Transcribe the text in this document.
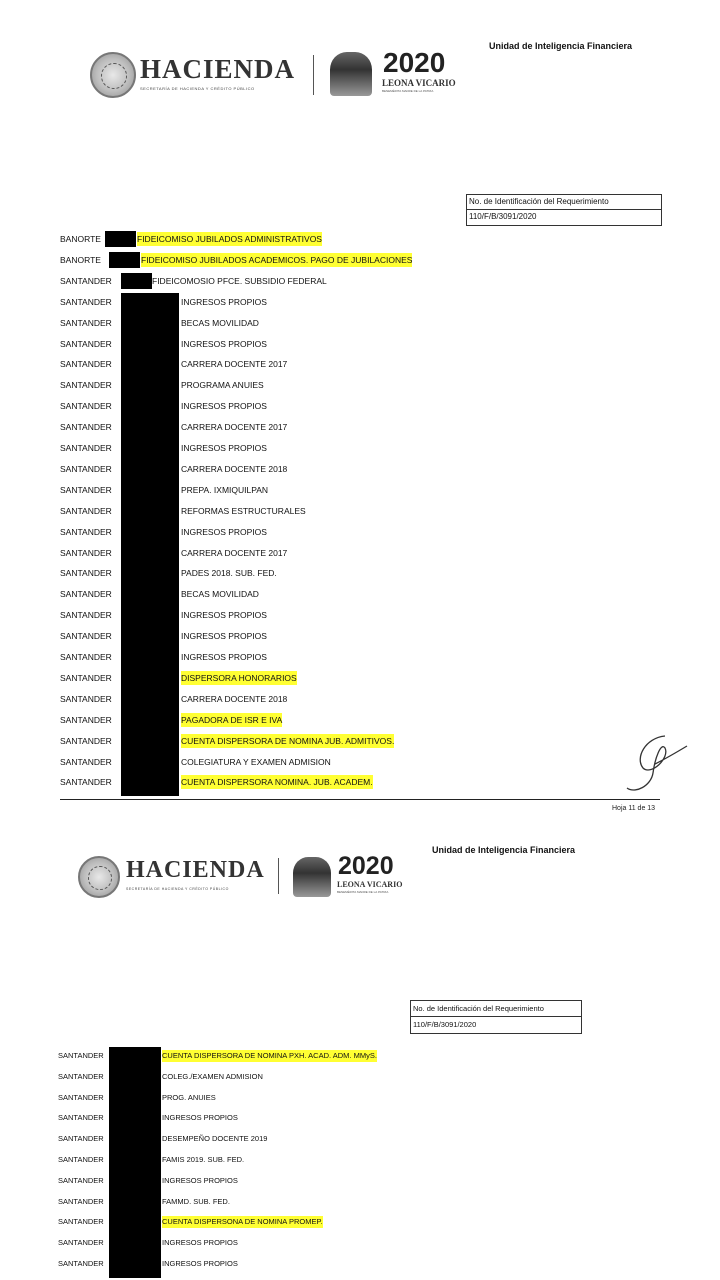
HACIENDA
SECRETARÍA DE HACIENDA Y CRÉDITO PÚBLICO
2020
LEONA VICARIO
BENEMÉRITA MADRE DE LA PATRIA
Unidad de Inteligencia Financiera
No. de Identificación del Requerimiento
110/F/B/3091/2020
BANORTE	FIDEICOMISO JUBILADOS ADMINISTRATIVOS
BANORTE	FIDEICOMISO JUBILADOS ACADEMICOS. PAGO DE JUBILACIONES
SANTANDER	FIDEICOMOSIO PFCE. SUBSIDIO FEDERAL
SANTANDER	INGRESOS PROPIOS
SANTANDER	BECAS MOVILIDAD
SANTANDER	INGRESOS PROPIOS
SANTANDER	CARRERA DOCENTE 2017
SANTANDER	PROGRAMA ANUIES
SANTANDER	INGRESOS PROPIOS
SANTANDER	CARRERA DOCENTE 2017
SANTANDER	INGRESOS PROPIOS
SANTANDER	CARRERA DOCENTE 2018
SANTANDER	PREPA. IXMIQUILPAN
SANTANDER	REFORMAS ESTRUCTURALES
SANTANDER	INGRESOS PROPIOS
SANTANDER	CARRERA DOCENTE 2017
SANTANDER	PADES 2018. SUB. FED.
SANTANDER	BECAS MOVILIDAD
SANTANDER	INGRESOS PROPIOS
SANTANDER	INGRESOS PROPIOS
SANTANDER	INGRESOS PROPIOS
SANTANDER	DISPERSORA HONORARIOS
SANTANDER	CARRERA DOCENTE 2018
SANTANDER	PAGADORA DE ISR E IVA
SANTANDER	CUENTA DISPERSORA DE NOMINA JUB. ADMITIVOS.
SANTANDER	COLEGIATURA Y EXAMEN ADMISION
SANTANDER	CUENTA DISPERSORA NOMINA. JUB. ACADEM.
Hoja 11 de 13
HACIENDA
SECRETARÍA DE HACIENDA Y CRÉDITO PÚBLICO
2020
LEONA VICARIO
BENEMÉRITA MADRE DE LA PATRIA
Unidad de Inteligencia Financiera
No. de Identificación del Requerimiento
110/F/B/3091/2020
SANTANDER	CUENTA DISPERSORA DE NOMINA PXH. ACAD. ADM. MMyS.
SANTANDER	COLEG./EXAMEN ADMISION
SANTANDER	PROG. ANUIES
SANTANDER	INGRESOS PROPIOS
SANTANDER	DESEMPEÑO DOCENTE 2019
SANTANDER	FAMIS 2019. SUB. FED.
SANTANDER	INGRESOS PROPIOS
SANTANDER	FAMMD. SUB. FED.
SANTANDER	CUENTA DISPERSONA DE NOMINA PROMEP.
SANTANDER	INGRESOS PROPIOS
SANTANDER	INGRESOS PROPIOS
